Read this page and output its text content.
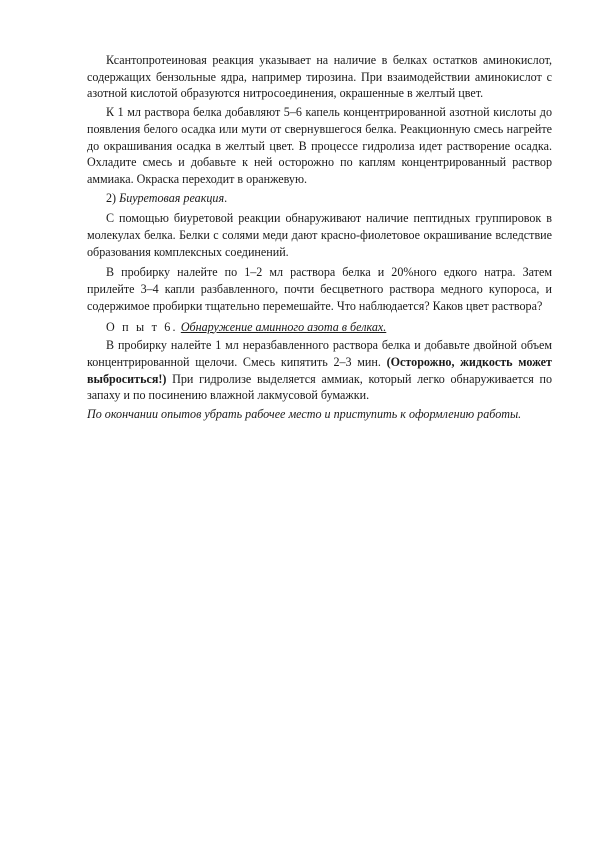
Ксантопротеиновая реакция указывает на наличие в белках остатков аминокислот, содержащих бензольные ядра, например тирозина. При взаимодействии аминокислот с азотной кислотой образуются нитросоединения, окрашенные в желтый цвет.

К 1 мл раствора белка добавляют 5–6 капель концентрированной азотной кислоты до появления белого осадка или мути от свернувшегося белка. Реакционную смесь нагрейте до окрашивания осадка в желтый цвет. В процессе гидролиза идет растворение осадка. Охладите смесь и добавьте к ней осторожно по каплям концентрированный раствор аммиака. Окраска переходит в оранжевую.

2) Биуретовая реакция.

С помощью биуретовой реакции обнаруживают наличие пептидных группировок в молекулах белка. Белки с солями меди дают красно-фиолетовое окрашивание вследствие образования комплексных соединений.

В пробирку налейте по 1–2 мл раствора белка и 20%ного едкого натра. Затем прилейте 3–4 капли разбавленного, почти бесцветного раствора медного купороса, и содержимое пробирки тщательно перемешайте. Что наблюдается? Каков цвет раствора?

О п ы т 6. Обнаружение аминного азота в белках.

В пробирку налейте 1 мл неразбавленного раствора белка и добавьте двойной объем концентрированной щелочи. Смесь кипятить 2–3 мин. (Осторожно, жидкость может выброситься!) При гидролизе выделяется аммиак, который легко обнаруживается по запаху и по посинению влажной лакмусовой бумажки.

По окончании опытов убрать рабочее место и приступить к оформлению работы.
